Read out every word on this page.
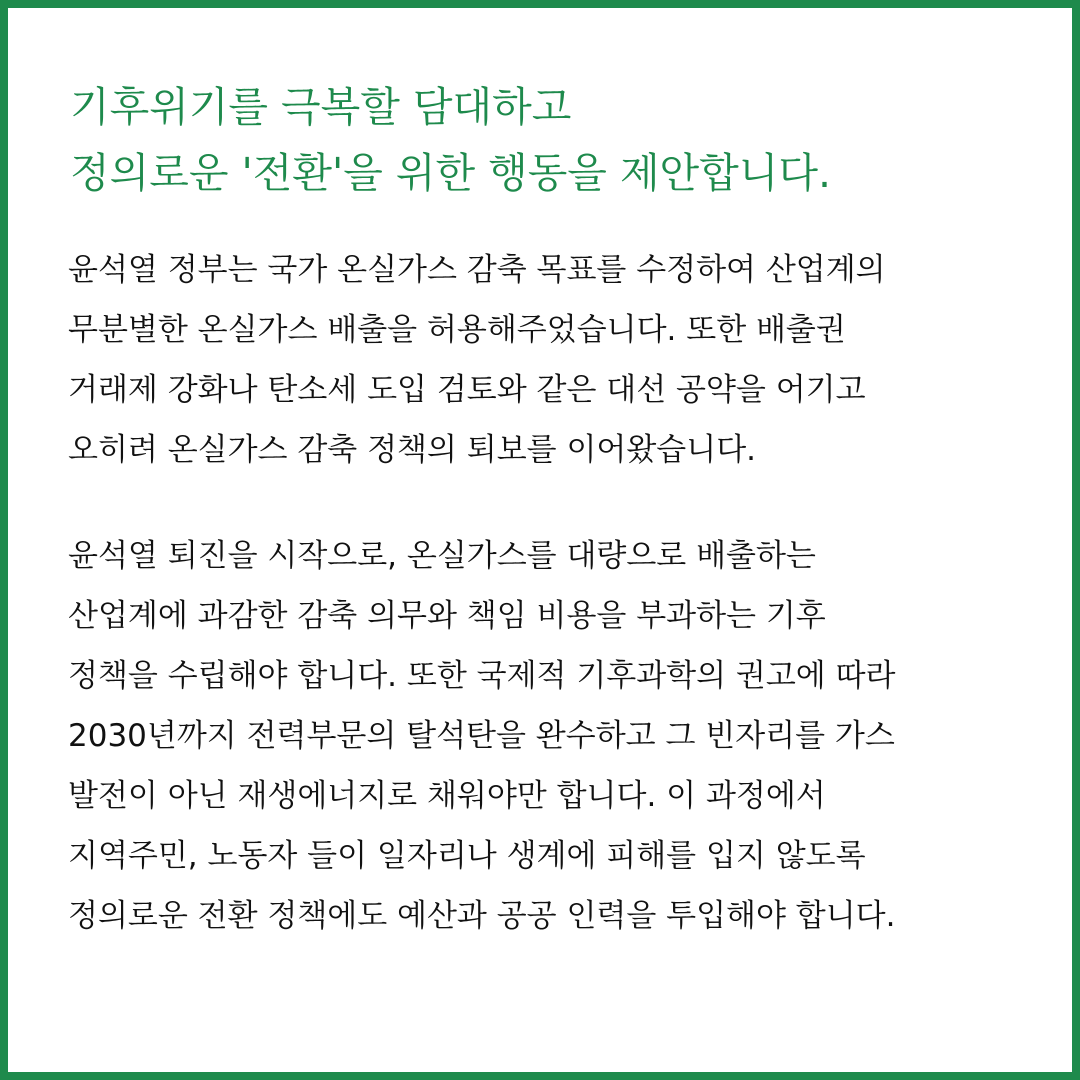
기후위기를 극복할 담대하고
정의로운 '전환'을 위한 행동을 제안합니다.

윤석열 정부는 국가 온실가스 감축 목표를 수정하여 산업계의
무분별한 온실가스 배출을 허용해주었습니다. 또한 배출권
거래제 강화나 탄소세 도입 검토와 같은 대선 공약을 어기고
오히려 온실가스 감축 정책의 퇴보를 이어왔습니다.

윤석열 퇴진을 시작으로, 온실가스를 대량으로 배출하는
산업계에 과감한 감축 의무와 책임 비용을 부과하는 기후
정책을 수립해야 합니다. 또한 국제적 기후과학의 권고에 따라
2030년까지 전력부문의 탈석탄을 완수하고 그 빈자리를 가스
발전이 아닌 재생에너지로 채워야만 합니다. 이 과정에서
지역주민, 노동자 들이 일자리나 생계에 피해를 입지 않도록
정의로운 전환 정책에도 예산과 공공 인력을 투입해야 합니다.
